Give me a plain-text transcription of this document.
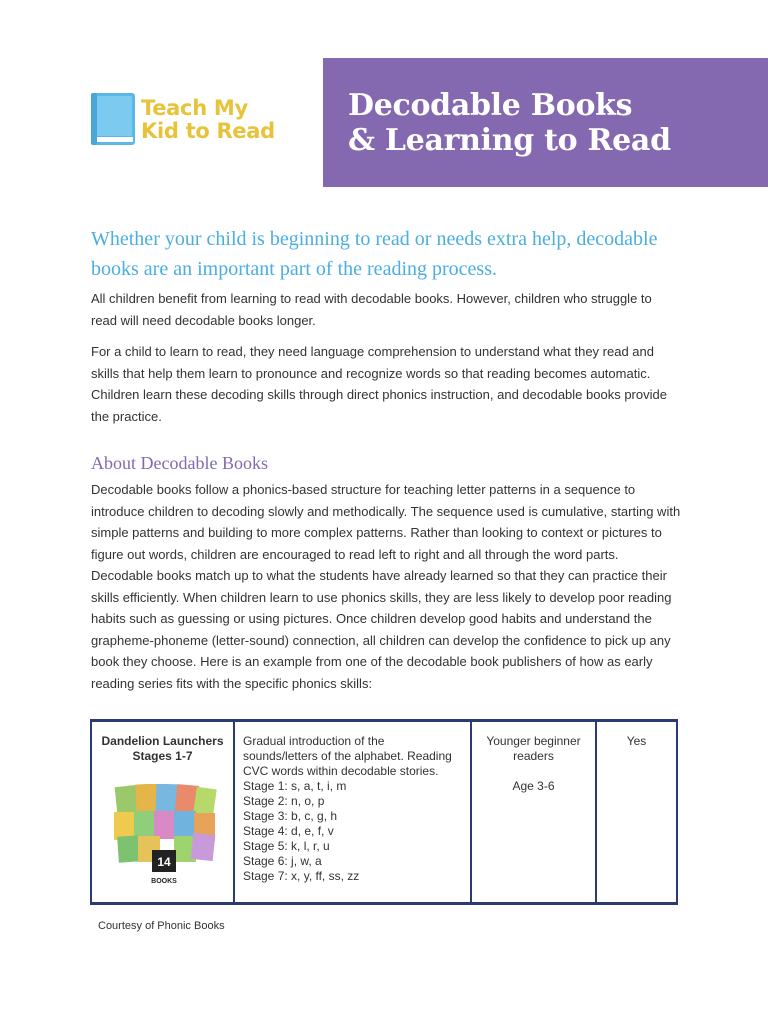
Teach My
Kid to Read
Decodable Books
& Learning to Read
Whether your child is beginning to read or needs extra help, decodable books are an important part of the reading process.
All children benefit from learning to read with decodable books. However, children who struggle to read will need decodable books longer.
For a child to learn to read, they need language comprehension to understand what they read and skills that help them learn to pronounce and recognize words so that reading becomes automatic. Children learn these decoding skills through direct phonics instruction, and decodable books provide the practice.
About Decodable Books
Decodable books follow a phonics-based structure for teaching letter patterns in a sequence to introduce children to decoding slowly and methodically. The sequence used is cumulative, starting with simple patterns and building to more complex patterns. Rather than looking to context or pictures to figure out words, children are encouraged to read left to right and all through the word parts. Decodable books match up to what the students have already learned so that they can practice their skills efficiently. When children learn to use phonics skills, they are less likely to develop poor reading habits such as guessing or using pictures. Once children develop good habits and understand the grapheme-phoneme (letter-sound) connection, all children can develop the confidence to pick up any book they choose. Here is an example from one of the decodable book publishers of how as early reading series fits with the specific phonics skills:
Dandelion Launchers
Stages 1-7
14
BOOKS
Gradual introduction of the
sounds/letters of the alphabet. Reading
CVC words within decodable stories.
Stage 1: s, a, t, i, m
Stage 2: n, o, p
Stage 3: b, c, g, h
Stage 4: d, e, f, v
Stage 5: k, l, r, u
Stage 6: j, w, a
Stage 7: x, y, ff, ss, zz
Younger beginner
readers
Age 3-6
Yes
Courtesy of Phonic Books
